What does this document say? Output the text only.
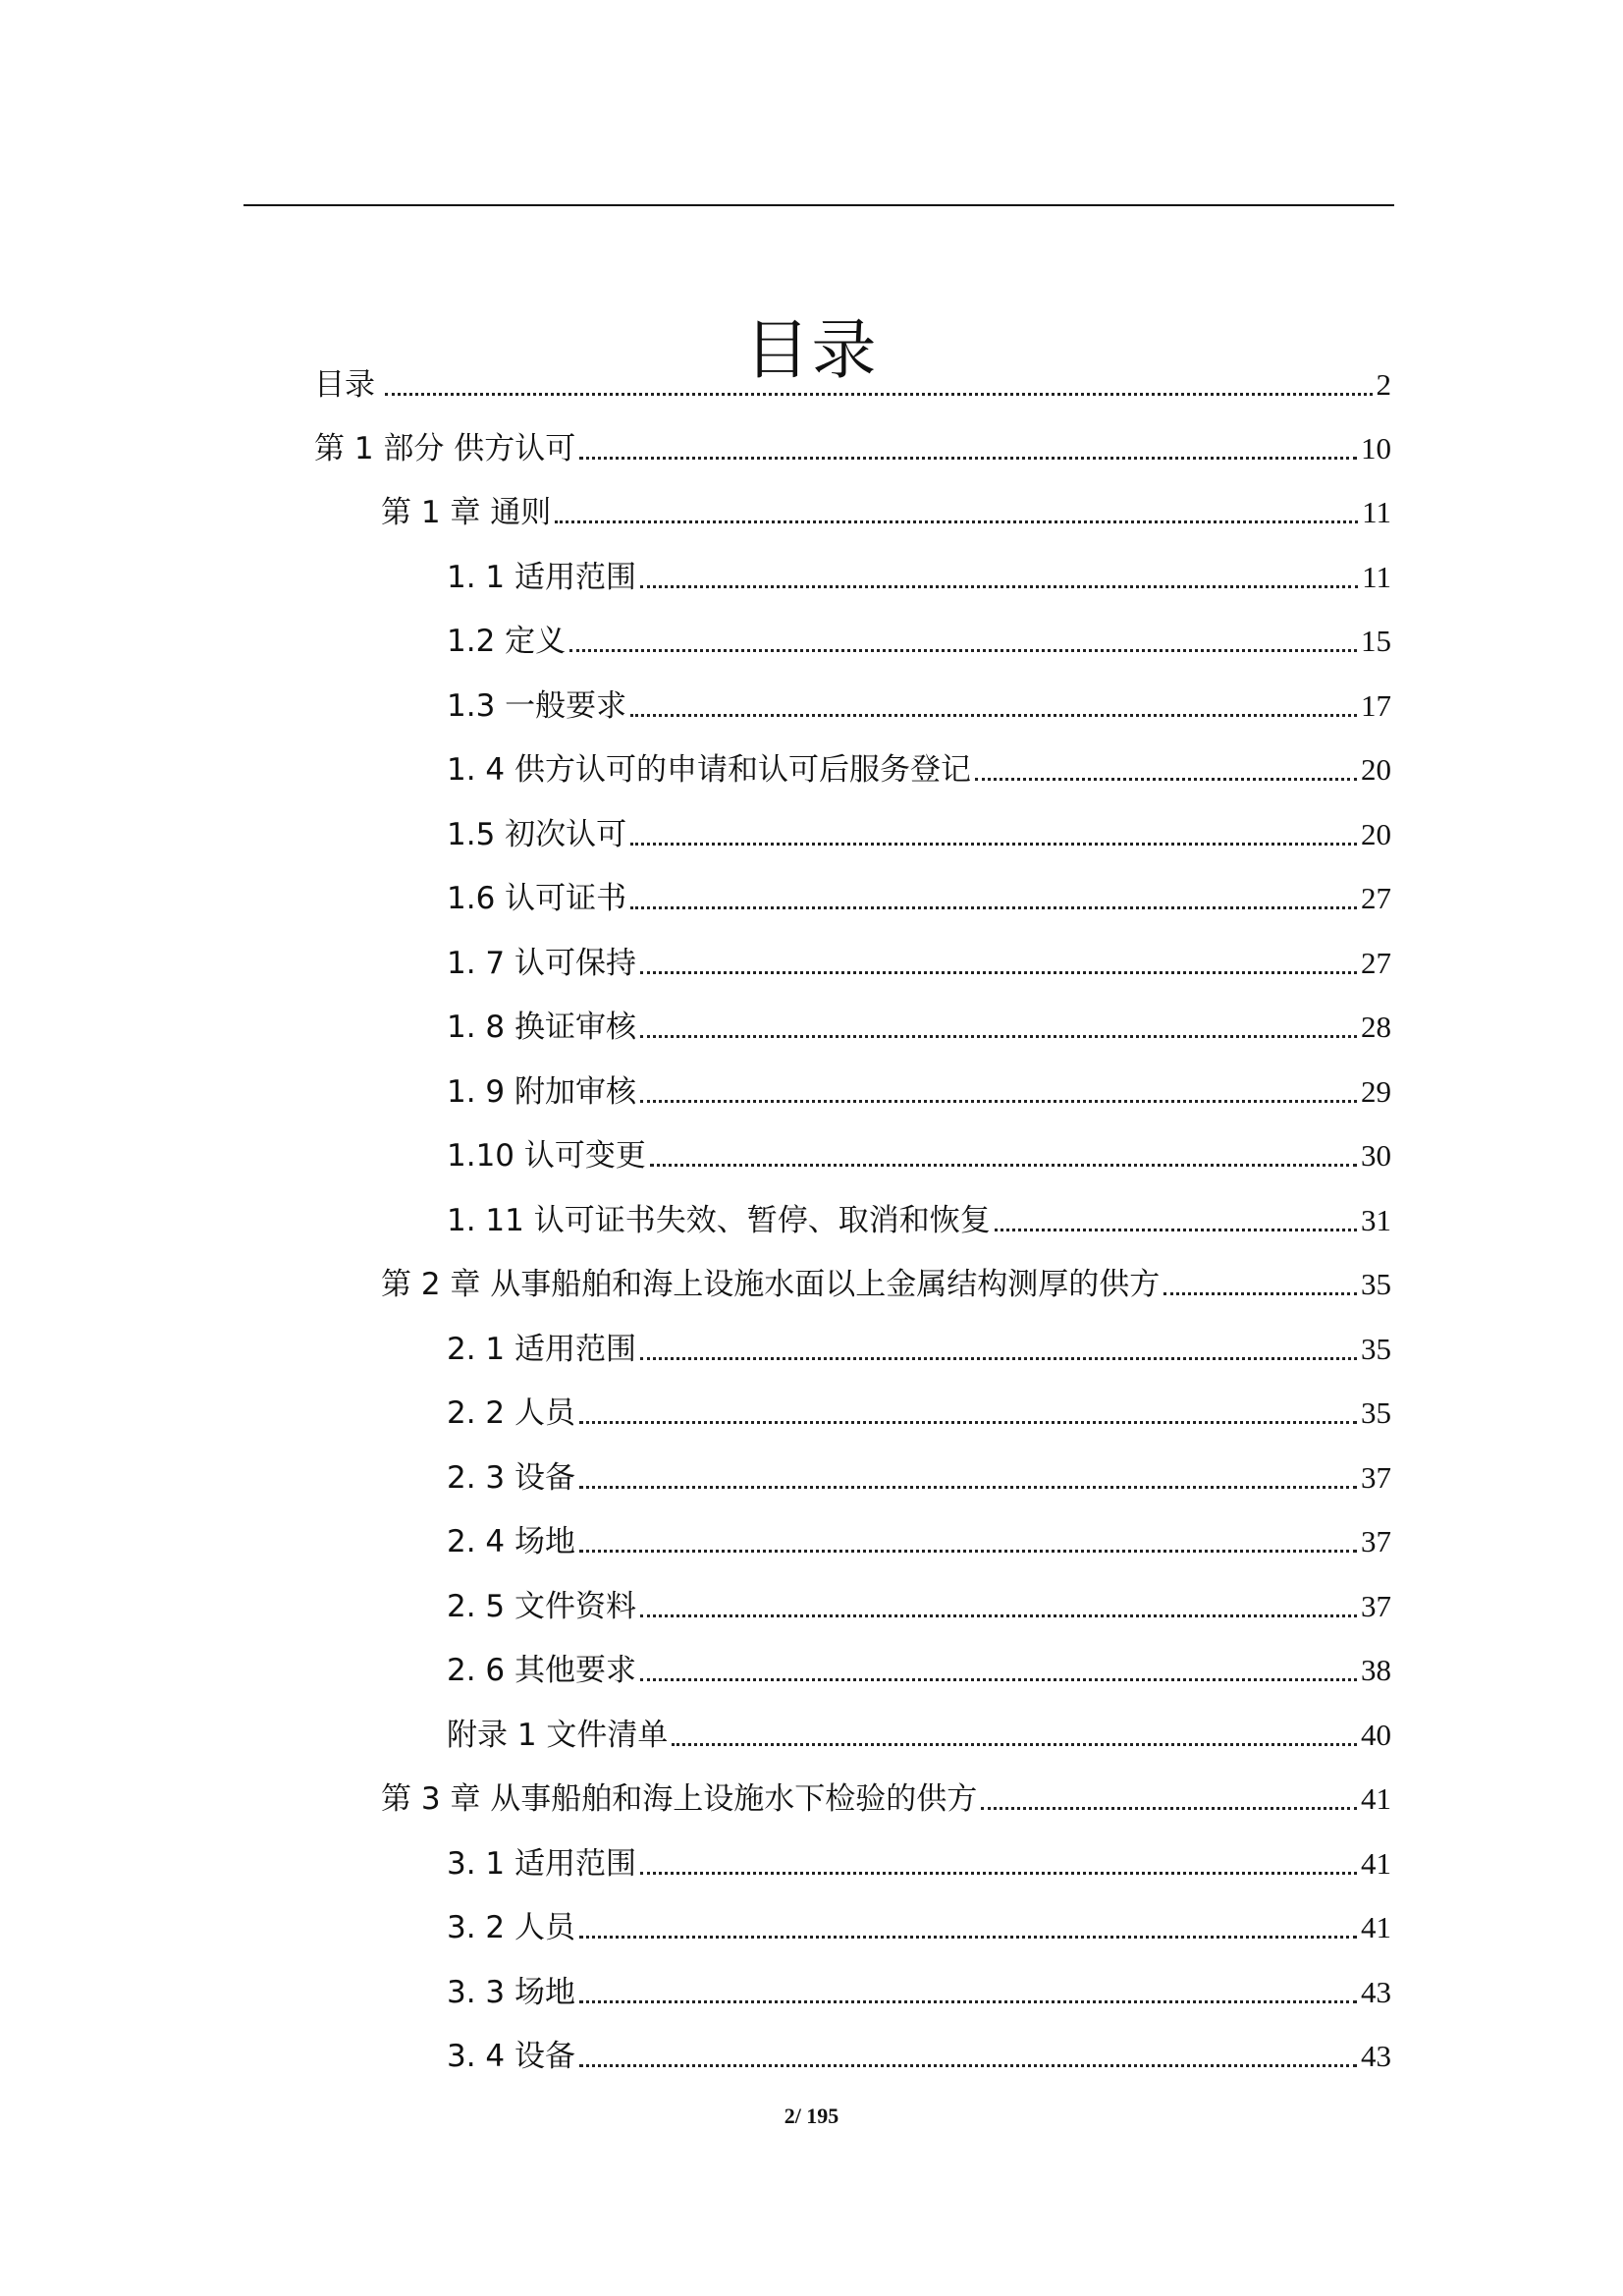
目录
目录	2
第 1 部分 供方认可	10
第 1 章 通则	11
1. 1 适用范围	11
1.2 定义	15
1.3 一般要求	17
1. 4 供方认可的申请和认可后服务登记	20
1.5 初次认可	20
1.6 认可证书	27
1. 7 认可保持	27
1. 8 换证审核	28
1. 9 附加审核	29
1.10 认可变更	30
1. 11 认可证书失效、暂停、取消和恢复	31
第 2 章 从事船舶和海上设施水面以上金属结构测厚的供方	35
2. 1 适用范围	35
2. 2 人员	35
2. 3 设备	37
2. 4 场地	37
2. 5 文件资料	37
2. 6 其他要求	38
附录 1 文件清单	40
第 3 章 从事船舶和海上设施水下检验的供方	41
3. 1 适用范围	41
3. 2 人员	41
3. 3 场地	43
3. 4 设备	43
2/ 195
